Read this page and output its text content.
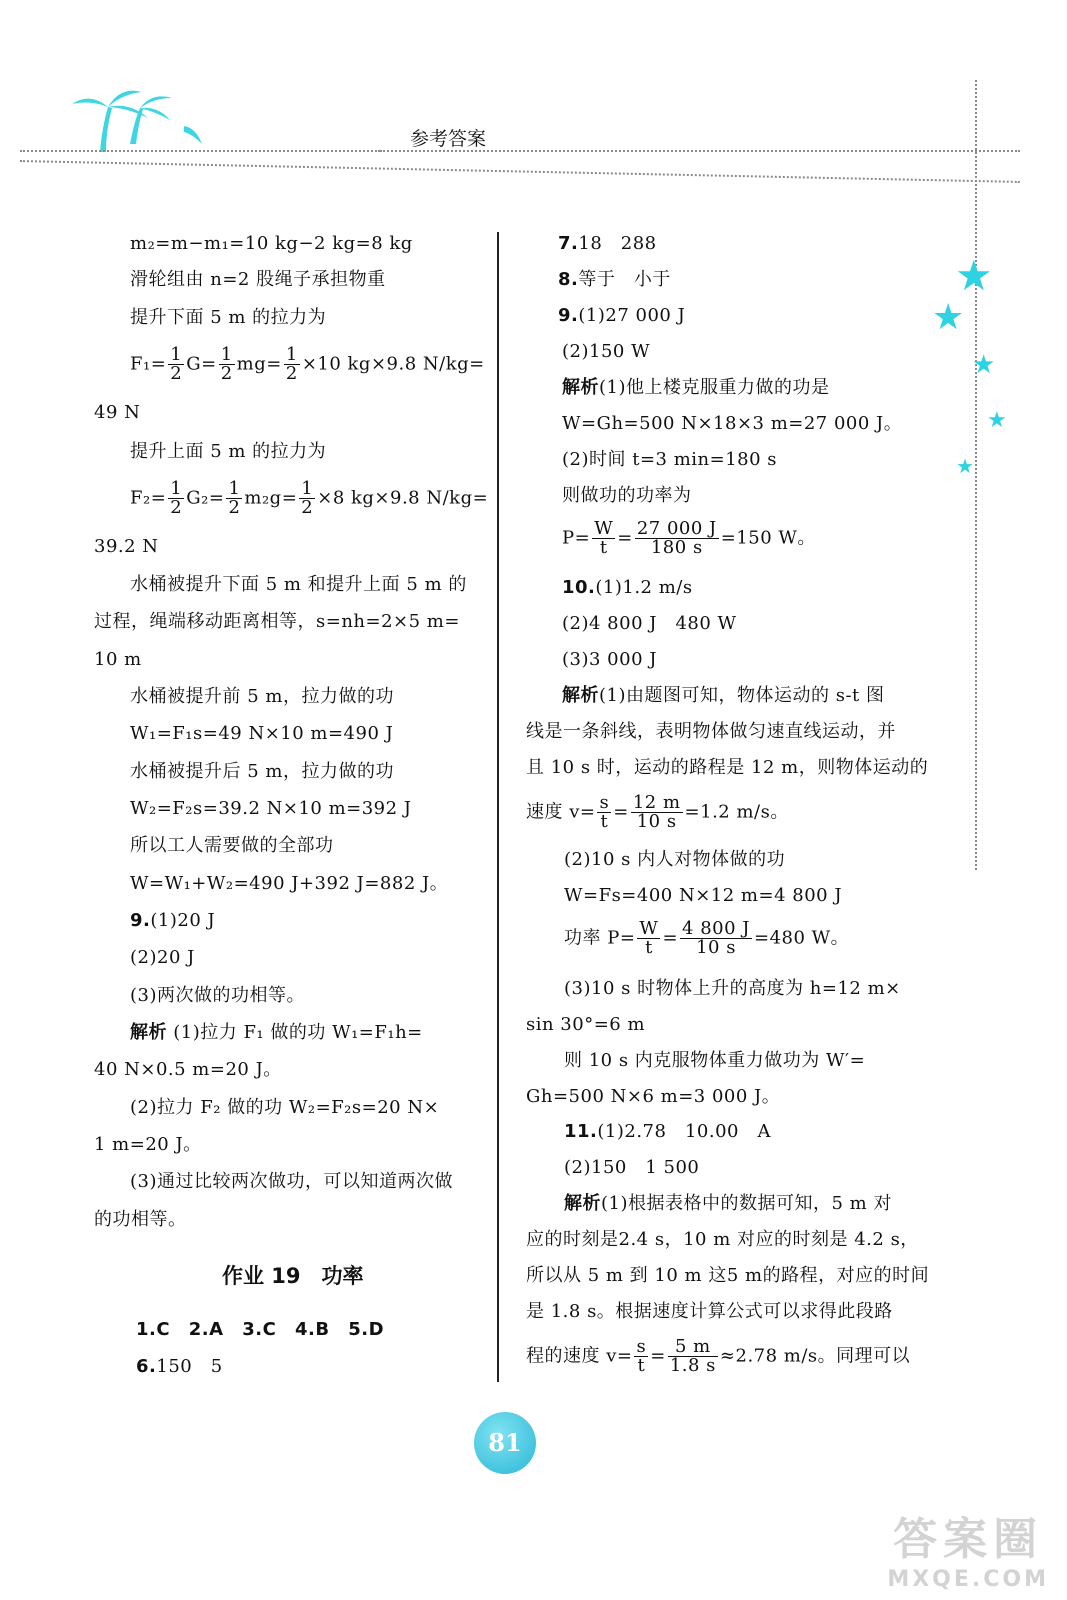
参考答案
★
★
★
★
★
m₂=m−m₁=10 kg−2 kg=8 kg
滑轮组由 n=2 股绳子承担物重
提升下面 5 m 的拉力为
$F_1= \frac{1}{2} G= \frac{1}{2} mg= \frac{1}{2} \times 10$ kg×9.8 N/kg=
49 N
提升上面 5 m 的拉力为
$F_2= \frac{1}{2} G_2= \frac{1}{2} m_2g= \frac{1}{2} \times 8$ kg×9.8 N/kg=
39.2 N
水桶被提升下面 5 m 和提升上面 5 m 的
过程，绳端移动距离相等，s=nh=2×5 m=
10 m
水桶被提升前 5 m，拉力做的功
W₁=F₁s=49 N×10 m=490 J
水桶被提升后 5 m，拉力做的功
W₂=F₂s=39.2 N×10 m=392 J
所以工人需要做的全部功
W=W₁+W₂=490 J+392 J=882 J。
9.(1)20 J
(2)20 J
(3)两次做的功相等。
解析 (1)拉力 F₁ 做的功 W₁=F₁h=
40 N×0.5 m=20 J。
(2)拉力 F₂ 做的功 W₂=F₂s=20 N×
1 m=20 J。
(3)通过比较两次做功，可以知道两次做
的功相等。
作业 19　功率
1.C 2.A 3.C 4.B 5.D
6.150　5
7.18　288
8.等于　小于
9.(1)27 000 J
(2)150 W
解析(1)他上楼克服重力做的功是
W=Gh=500 N×18×3 m=27 000 J。
(2)时间 t=3 min=180 s
则做功的功率为
$P= \frac{W}{t} = \frac{27 000 J}{180 s} =150$ W。
10.(1)1.2 m/s
(2)4 800 J　480 W
(3)3 000 J
解析(1)由题图可知，物体运动的 s-t 图
线是一条斜线，表明物体做匀速直线运动，并
且 10 s 时，运动的路程是 12 m，则物体运动的
速度 $v= \frac{s}{t} = \frac{12 m}{10 s} =1.2$ m/s。
(2)10 s 内人对物体做的功
W=Fs=400 N×12 m=4 800 J
功率 $P= \frac{W}{t} = \frac{4 800 J}{10 s} =480$ W。
(3)10 s 时物体上升的高度为 h=12 m×
sin 30°=6 m
则 10 s 内克服物体重力做功为 W′=
Gh=500 N×6 m=3 000 J。
11.(1)2.78　10.00　A
(2)150　1 500
解析(1)根据表格中的数据可知，5 m 对
应的时刻是2.4 s，10 m 对应的时刻是 4.2 s，
所以从 5 m 到 10 m 这5 m的路程，对应的时间
是 1.8 s。根据速度计算公式可以求得此段路
程的速度 $v= \frac{s}{t} = \frac{5 m}{1.8 s} \approx 2.78$ m/s。同理可以
81
答案圈
MXQE.COM
